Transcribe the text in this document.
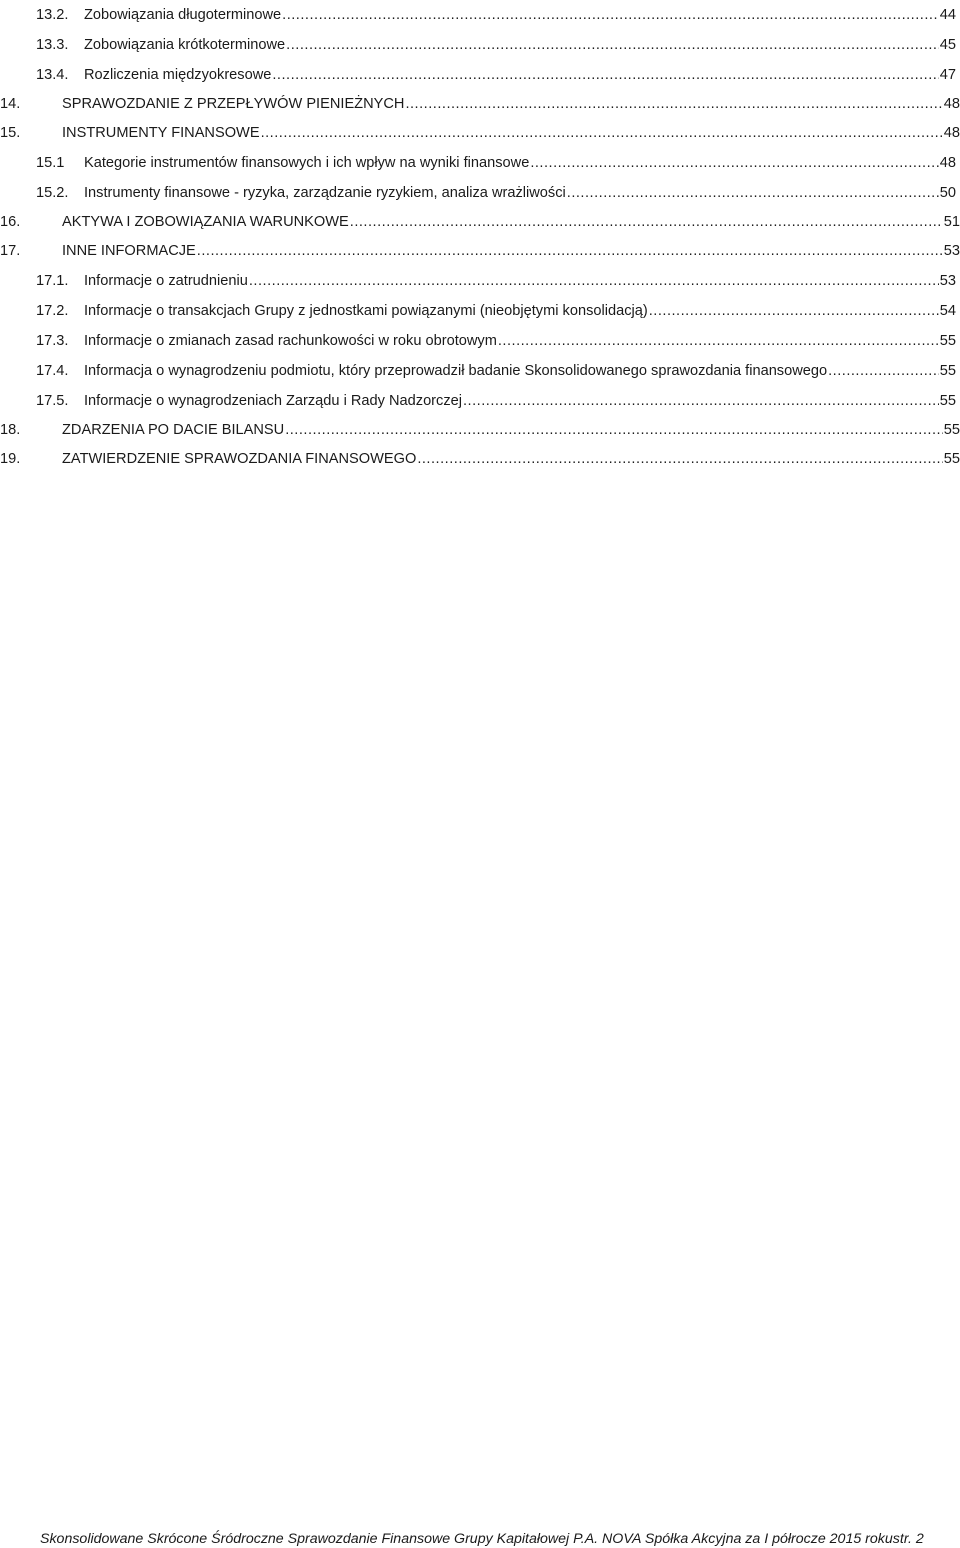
13.2.	Zobowiązania długoterminowe .....	44
13.3.	Zobowiązania krótkoterminowe .....	45
13.4.	Rozliczenia międzyokresowe .....	47
14.	SPRAWOZDANIE Z PRZEPŁYWÓW PIENIEŻNYCH .....	48
15.	INSTRUMENTY FINANSOWE .....	48
15.1	Kategorie instrumentów finansowych i ich wpływ na wyniki finansowe .....	48
15.2.	Instrumenty finansowe - ryzyka, zarządzanie ryzykiem, analiza wrażliwości .....	50
16.	AKTYWA I ZOBOWIĄZANIA WARUNKOWE .....	51
17.	INNE INFORMACJE .....	53
17.1.	Informacje o zatrudnieniu .....	53
17.2.	Informacje o transakcjach Grupy z jednostkami powiązanymi (nieobjętymi konsolidacją) .....	54
17.3.	Informacje o zmianach zasad rachunkowości w roku obrotowym .....	55
17.4.	Informacja o wynagrodzeniu podmiotu, który przeprowadził badanie Skonsolidowanego sprawozdania finansowego .....	55
17.5.	Informacje o wynagrodzeniach Zarządu i Rady Nadzorczej .....	55
18.	ZDARZENIA PO DACIE BILANSU .....	55
19.	ZATWIERDZENIE SPRAWOZDANIA FINANSOWEGO .....	55
Skonsolidowane Skrócone Śródroczne Sprawozdanie Finansowe Grupy Kapitałowej P.A. NOVA Spółka Akcyjna za I półrocze 2015 roku str. 2
